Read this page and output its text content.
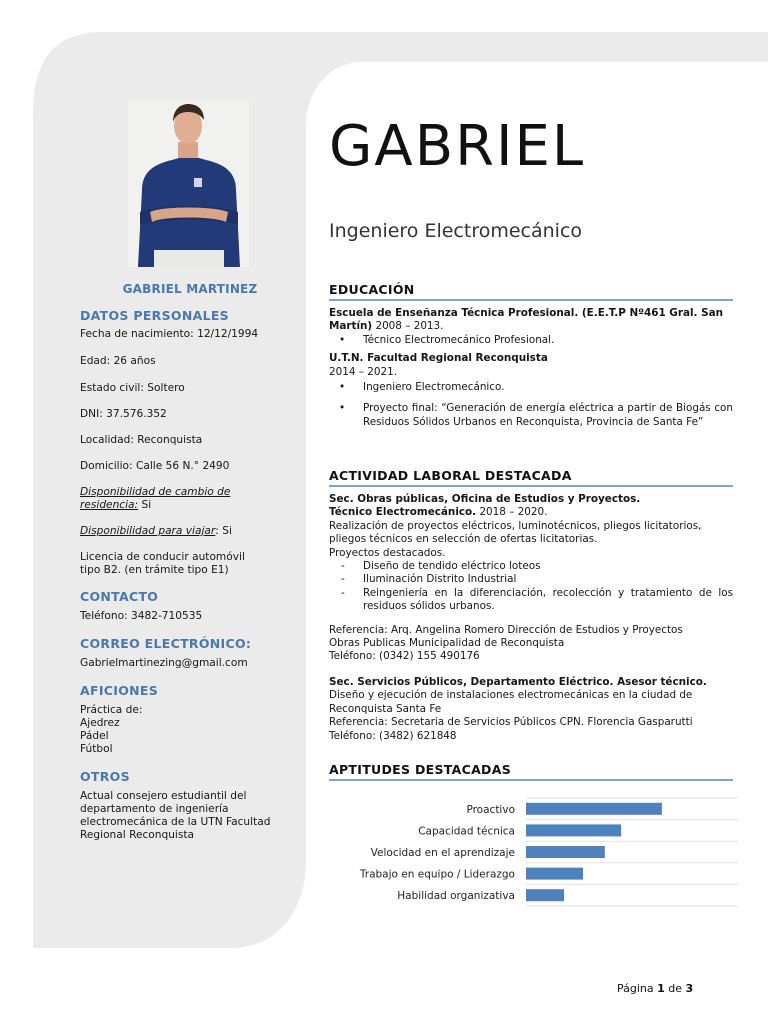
GABRIEL MARTINEZ
DATOS PERSONALES

Fecha de nacimiento: 12/12/1994

Edad: 26 años

Estado civil: Soltero

DNI: 37.576.352

Localidad: Reconquista

Domicilio: Calle 56 N.° 2490

Disponibilidad de cambio de residencia: Si

Disponibilidad para viajar: Si

Licencia de conducir automóvil

tipo B2. (en trámite tipo E1)

CONTACTO

Teléfono: 3482-710535

CORREO ELECTRÓNICO:

Gabrielmartinezing@gmail.com

AFICIONES

Práctica de:

Ajedrez

Pádel

Fútbol

OTROS

Actual consejero estudiantil del

departamento de ingeniería

electromecánica de la UTN Facultad

Regional Reconquista

GABRIEL
Ingeniero Electromecánico
EDUCACIÓN
Escuela de Enseñanza Técnica Profesional. (E.E.T.P Nº461 Gral. San Martín) 2008 – 2013.
• Técnico Electromecánico Profesional.
U.T.N. Facultad Regional Reconquista
2014 – 2021.
• Ingeniero Electromecánico.
• Proyecto final: “Generación de energía eléctrica a partir de Biogás con Residuos Sólidos Urbanos en Reconquista, Provincia de Santa Fe”
ACTIVIDAD LABORAL DESTACADA
Sec. Obras públicas, Oficina de Estudios y Proyectos.
Técnico Electromecánico. 2018 – 2020.
Realización de proyectos eléctricos, luminotécnicos, pliegos licitatorios, pliegos técnicos en selección de ofertas licitatorias.
Proyectos destacados.
- Diseño de tendido eléctrico loteos
- Iluminación Distrito Industrial
- Reingeniería en la diferenciación, recolección y tratamiento de los residuos sólidos urbanos.
Referencia: Arq. Angelina Romero Dirección de Estudios y Proyectos
Obras Publicas Municipalidad de Reconquista
Teléfono: (0342) 155 490176
Sec. Servicios Públicos, Departamento Eléctrico. Asesor técnico.
Diseño y ejecución de instalaciones electromecánicas en la ciudad de Reconquista Santa Fe
Referencia: Secretaria de Servicios Públicos CPN. Florencia Gasparutti
Teléfono: (3482) 621848
APTITUDES DESTACADAS
Proactivo
Capacidad técnica
Velocidad en el aprendizaje
Trabajo en equipo / Liderazgo
Habilidad organizativa
Página 1 de 3
